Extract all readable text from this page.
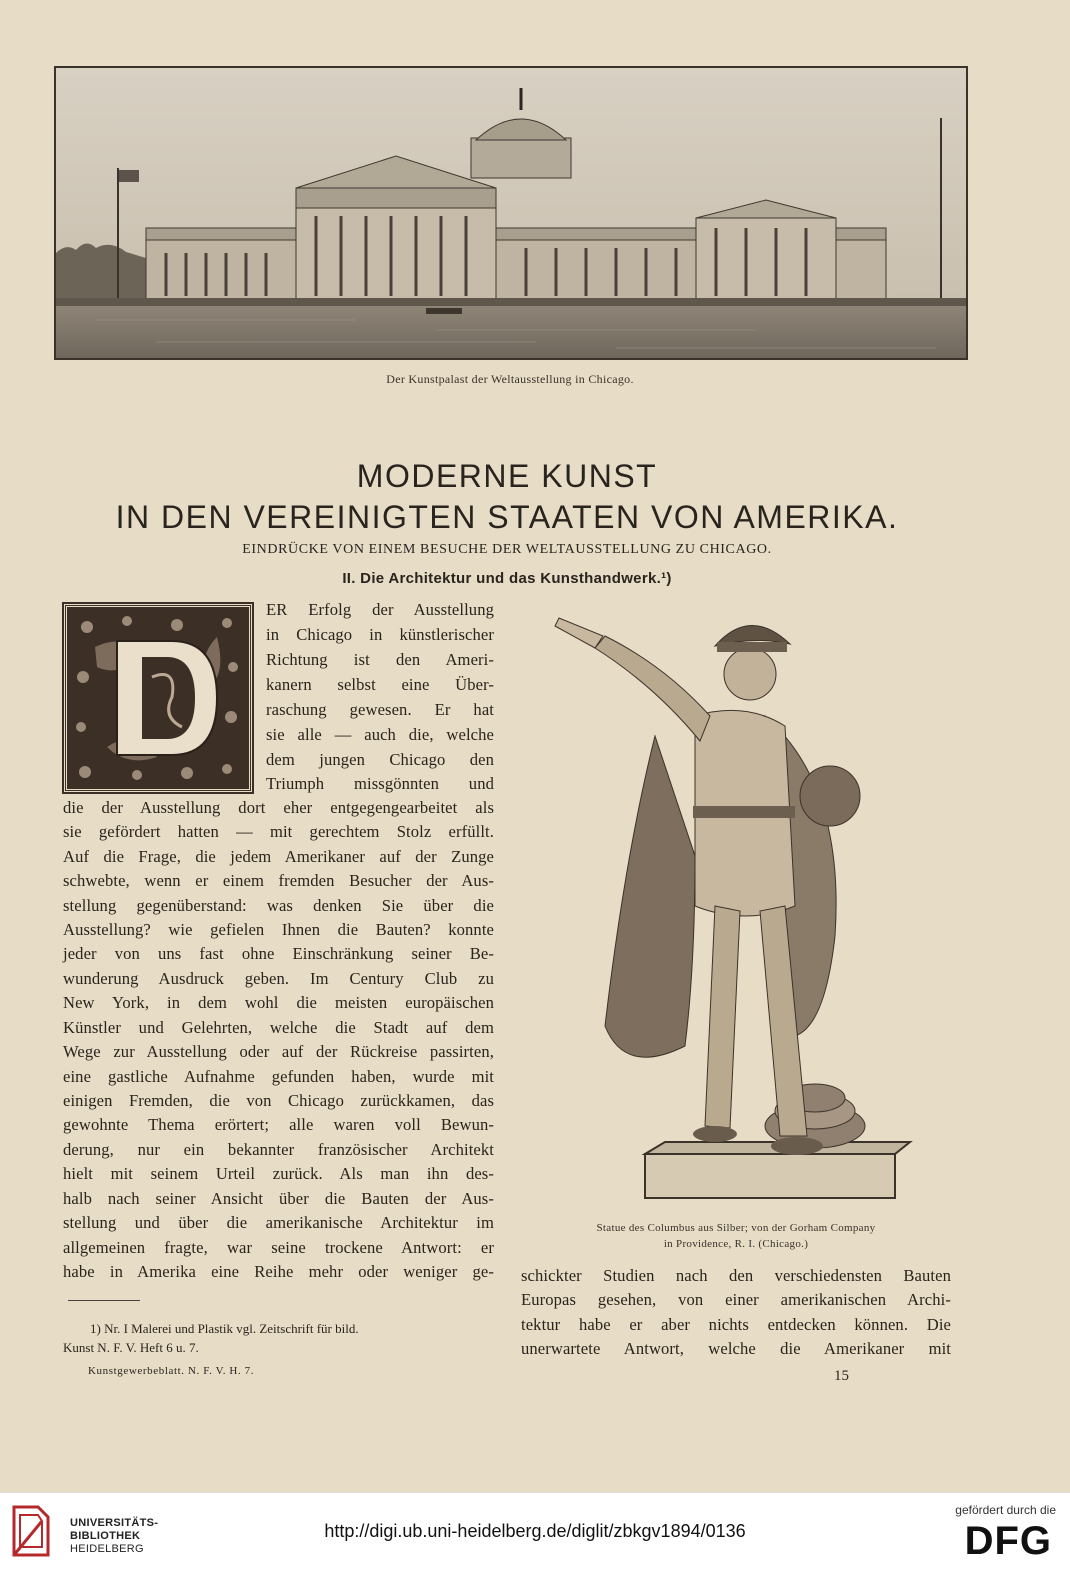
Der Kunstpalast der Weltausstellung in Chicago.
MODERNE KUNST
IN DEN VEREINIGTEN STAATEN VON AMERIKA.
EINDRÜCKE VON EINEM BESUCHE DER WELTAUSSTELLUNG ZU CHICAGO.
II. Die Architektur und das Kunsthandwerk.¹)
D
ER Erfolg der Ausstellung
in Chicago in künstlerischer
Richtung ist den Ameri-
kanern selbst eine Über-
raschung gewesen. Er hat
sie alle — auch die, welche
dem jungen Chicago den
Triumph missgönnten und
die der Ausstellung dort eher entgegengearbeitet als
sie gefördert hatten — mit gerechtem Stolz erfüllt.
Auf die Frage, die jedem Amerikaner auf der Zunge
schwebte, wenn er einem fremden Besucher der Aus-
stellung gegenüberstand: was denken Sie über die
Ausstellung? wie gefielen Ihnen die Bauten? konnte
jeder von uns fast ohne Einschränkung seiner Be-
wunderung Ausdruck geben. Im Century Club zu
New York, in dem wohl die meisten europäischen
Künstler und Gelehrten, welche die Stadt auf dem
Wege zur Ausstellung oder auf der Rückreise passirten,
eine gastliche Aufnahme gefunden haben, wurde mit
einigen Fremden, die von Chicago zurückkamen, das
gewohnte Thema erörtert; alle waren voll Bewun-
derung, nur ein bekannter französischer Architekt
hielt mit seinem Urteil zurück. Als man ihn des-
halb nach seiner Ansicht über die Bauten der Aus-
stellung und über die amerikanische Architektur im
allgemeinen fragte, war seine trockene Antwort: er
habe in Amerika eine Reihe mehr oder weniger ge-
1) Nr. I Malerei und Plastik vgl. Zeitschrift für bild.
Kunst N. F. V. Heft 6 u. 7.
Kunstgewerbeblatt. N. F. V. H. 7.
Statue des Columbus aus Silber; von der Gorham Company
in Providence, R. I. (Chicago.)
schickter Studien nach den verschiedensten Bauten
Europas gesehen, von einer amerikanischen Archi-
tektur habe er aber nichts entdecken können. Die
unerwartete Antwort, welche die Amerikaner mit
15
UNIVERSITÄTS-
BIBLIOTHEK
HEIDELBERG
http://digi.ub.uni-heidelberg.de/diglit/zbkgv1894/0136
gefördert durch die
DFG
